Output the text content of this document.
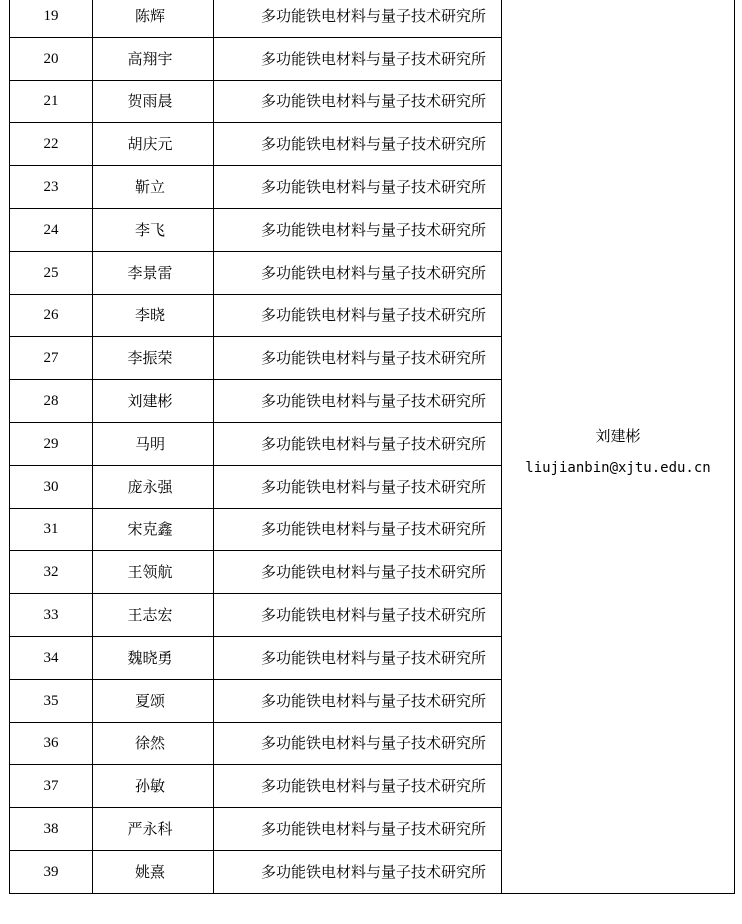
19	陈辉	多功能铁电材料与量子技术研究所	刘建彬
liujianbin@xjtu.edu.cn

20	高翔宇	多功能铁电材料与量子技术研究所	
21	贺雨晨	多功能铁电材料与量子技术研究所	
22	胡庆元	多功能铁电材料与量子技术研究所	
23	靳立	多功能铁电材料与量子技术研究所	
24	李飞	多功能铁电材料与量子技术研究所	
25	李景雷	多功能铁电材料与量子技术研究所	
26	李晓	多功能铁电材料与量子技术研究所	
27	李振荣	多功能铁电材料与量子技术研究所	
28	刘建彬	多功能铁电材料与量子技术研究所	
29	马明	多功能铁电材料与量子技术研究所	
30	庞永强	多功能铁电材料与量子技术研究所	
31	宋克鑫	多功能铁电材料与量子技术研究所	
32	王领航	多功能铁电材料与量子技术研究所	
33	王志宏	多功能铁电材料与量子技术研究所	
34	魏晓勇	多功能铁电材料与量子技术研究所	
35	夏颂	多功能铁电材料与量子技术研究所	
36	徐然	多功能铁电材料与量子技术研究所	
37	孙敏	多功能铁电材料与量子技术研究所	
38	严永科	多功能铁电材料与量子技术研究所	
39	姚熹	多功能铁电材料与量子技术研究所	
